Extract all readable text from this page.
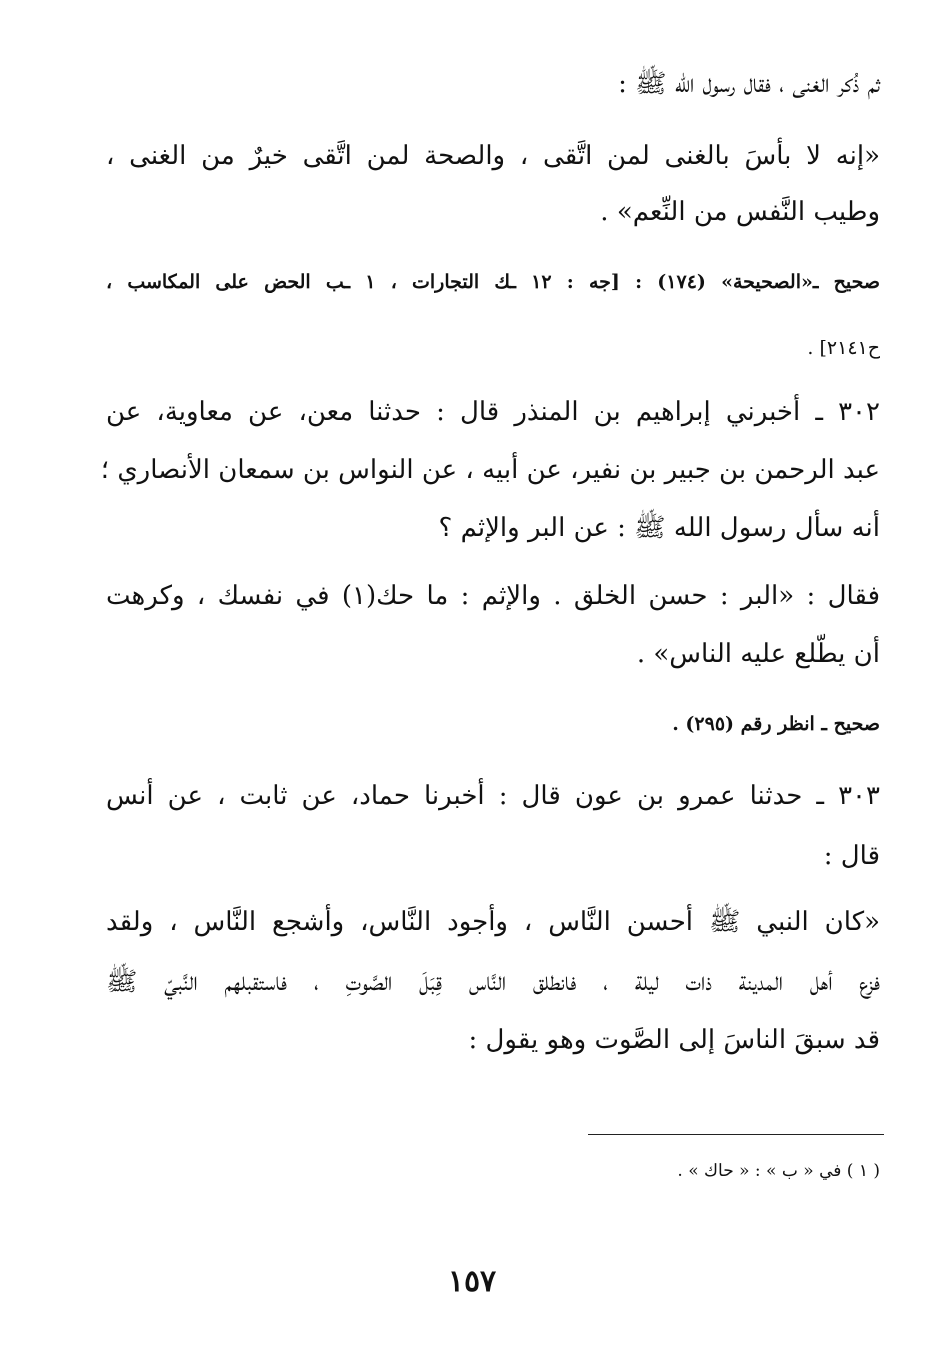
ثم ذُكر الغنى ، فقال رسول الله ﷺ :
«إنه لا بأسَ بالغنى لمن اتَّقى ، والصحة لمن اتَّقى خيرٌ من الغنى ،
وطيب النَّفس من النِّعم» .
صحيح ـ«الصحيحة» (١٧٤) : [جه : ١٢ ـك التجارات ، ١ ـب الحض على المكاسب ،
ح٢١٤١] .
٣٠٢ ـ أخبرني إبراهيم بن المنذر قال : حدثنا معن، عن معاوية، عن
عبد الرحمن بن جبير بن نفير، عن أبيه ، عن النواس بن سمعان الأنصاري ؛
أنه سأل رسول الله ﷺ : عن البر والإثم ؟
فقال : «البر : حسن الخلق . والإثم : ما حك(١) في نفسك ، وكرهت
أن يطّلع عليه الناس» .
صحيح ـ انظر رقم (٢٩٥) .
٣٠٣ ـ حدثنا عمرو بن عون قال : أخبرنا حماد، عن ثابت ، عن أنس
قال :
«كان النبي ﷺ أحسن النَّاس ، وأجود النَّاس، وأشجع النَّاس ، ولقد
فزع أهل المدينة ذات ليلة ، فانطلق النَّاس قِبَلَ الصَّوتِ ، فاستقبلهم النَّبيّ ﷺ
قد سبقَ الناسَ إلى الصَّوت وهو يقول :
( ١ ) في « ب » : « حاك » .
١٥٧
